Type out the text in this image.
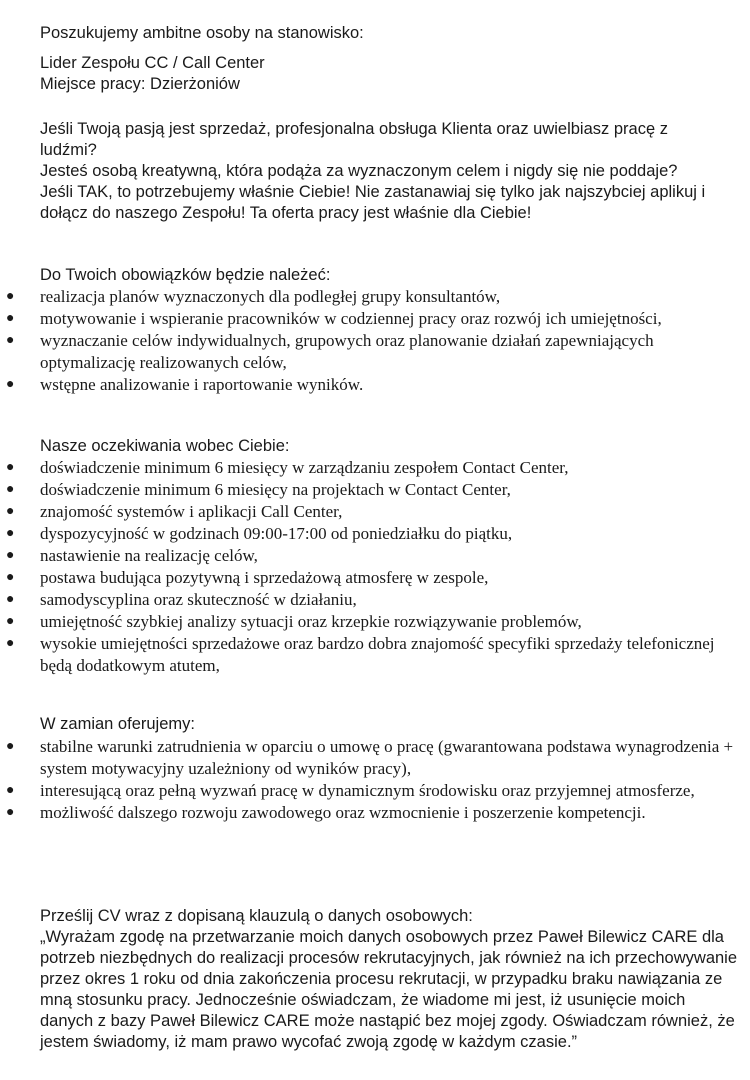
Poszukujemy ambitne osoby na stanowisko:

Lider Zespołu CC / Call Center

Miejsce pracy: Dzierżoniów

Jeśli Twoją pasją jest sprzedaż, profesjonalna obsługa Klienta oraz uwielbiasz pracę z ludźmi?

Jesteś osobą kreatywną, która podąża za wyznaczonym celem i nigdy się nie poddaje?

Jeśli TAK, to potrzebujemy właśnie Ciebie! Nie zastanawiaj się tylko jak najszybciej aplikuj i dołącz do naszego Zespołu! Ta oferta pracy jest właśnie dla Ciebie!

Do Twoich obowiązków będzie należeć:
● realizacja planów wyznaczonych dla podległej grupy konsultantów,
● motywowanie i wspieranie pracowników w codziennej pracy oraz rozwój ich umiejętności,
● wyznaczanie celów indywidualnych, grupowych oraz planowanie działań zapewniających optymalizację realizowanych celów,
● wstępne analizowanie i raportowanie wyników.
Nasze oczekiwania wobec Ciebie:
● doświadczenie minimum 6 miesięcy w zarządzaniu zespołem Contact Center,
● doświadczenie minimum 6 miesięcy na projektach w Contact Center,
● znajomość systemów i aplikacji Call Center,
● dyspozycyjność w godzinach 09:00-17:00 od poniedziałku do piątku,
● nastawienie na realizację celów,
● postawa budująca pozytywną i sprzedażową atmosferę w zespole,
● samodyscyplina oraz skuteczność w działaniu,
● umiejętność szybkiej analizy sytuacji oraz krzepkie rozwiązywanie problemów,
● wysokie umiejętności sprzedażowe oraz bardzo dobra znajomość specyfiki sprzedaży telefonicznej będą dodatkowym atutem,
W zamian oferujemy:
● stabilne warunki zatrudnienia w oparciu o umowę o pracę (gwarantowana podstawa wynagrodzenia + system motywacyjny uzależniony od wyników pracy),
● interesującą oraz pełną wyzwań pracę w dynamicznym środowisku oraz przyjemnej atmosferze,
● możliwość dalszego rozwoju zawodowego oraz wzmocnienie i poszerzenie kompetencji.

Prześlij CV wraz z dopisaną klauzulą o danych osobowych:

„Wyrażam zgodę na przetwarzanie moich danych osobowych przez Paweł Bilewicz CARE dla potrzeb niezbędnych do realizacji procesów rekrutacyjnych, jak również na ich przechowywanie przez okres 1 roku od dnia zakończenia procesu rekrutacji, w przypadku braku nawiązania ze mną stosunku pracy. Jednocześnie oświadczam, że wiadome mi jest, iż usunięcie moich danych z bazy Paweł Bilewicz CARE może nastąpić bez mojej zgody. Oświadczam również, że jestem świadomy, iż mam prawo wycofać zwoją zgodę w każdym czasie.”
